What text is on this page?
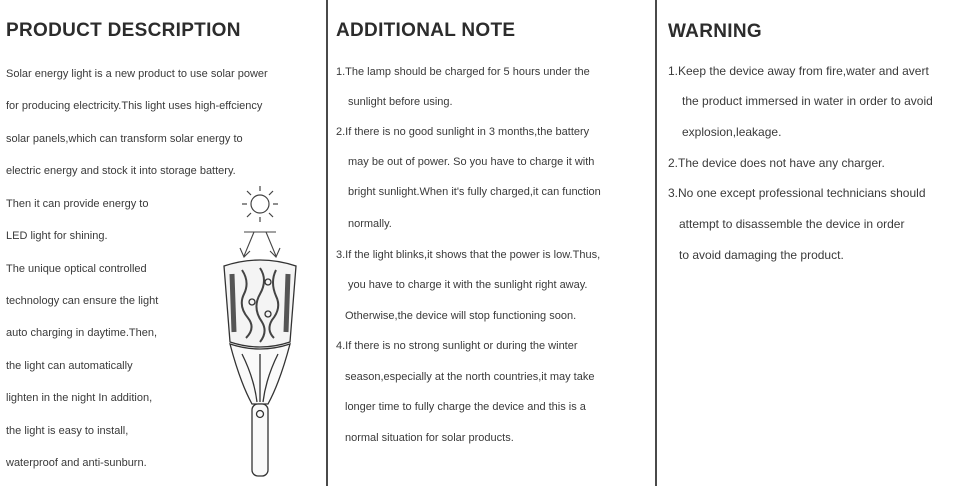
PRODUCT DESCRIPTION
Solar energy light is a new product to use solar power
for producing electricity.This light uses high-effciency
solar panels,which can transform solar energy to
electric energy and stock it into storage battery.
Then it can provide energy to
LED light for shining.
The unique optical controlled
technology can ensure the light
auto charging in daytime.Then,
the light can automatically
lighten in the night In addition,
the light is easy to install,
waterproof and anti-sunburn.
ADDITIONAL NOTE
1.The lamp should be charged for 5 hours under the
sunlight before using.
2.If there is no good sunlight in 3 months,the battery
may be out of power. So you have to charge it with
bright sunlight.When it's fully charged,it can function
normally.
3.If the light blinks,it shows that the power is low.Thus,
you have to charge it with the sunlight right away.
Otherwise,the device will stop functioning soon.
4.If there is no strong sunlight or during the winter
season,especially at the north countries,it may take
longer time to fully charge the device and this is a
normal situation for solar products.
WARNING
1.Keep the device away from fire,water and avert
the product immersed in water in order to avoid
explosion,leakage.
2.The device does not have any charger.
3.No one except professional technicians should
attempt to disassemble the device in order
to avoid damaging the product.
